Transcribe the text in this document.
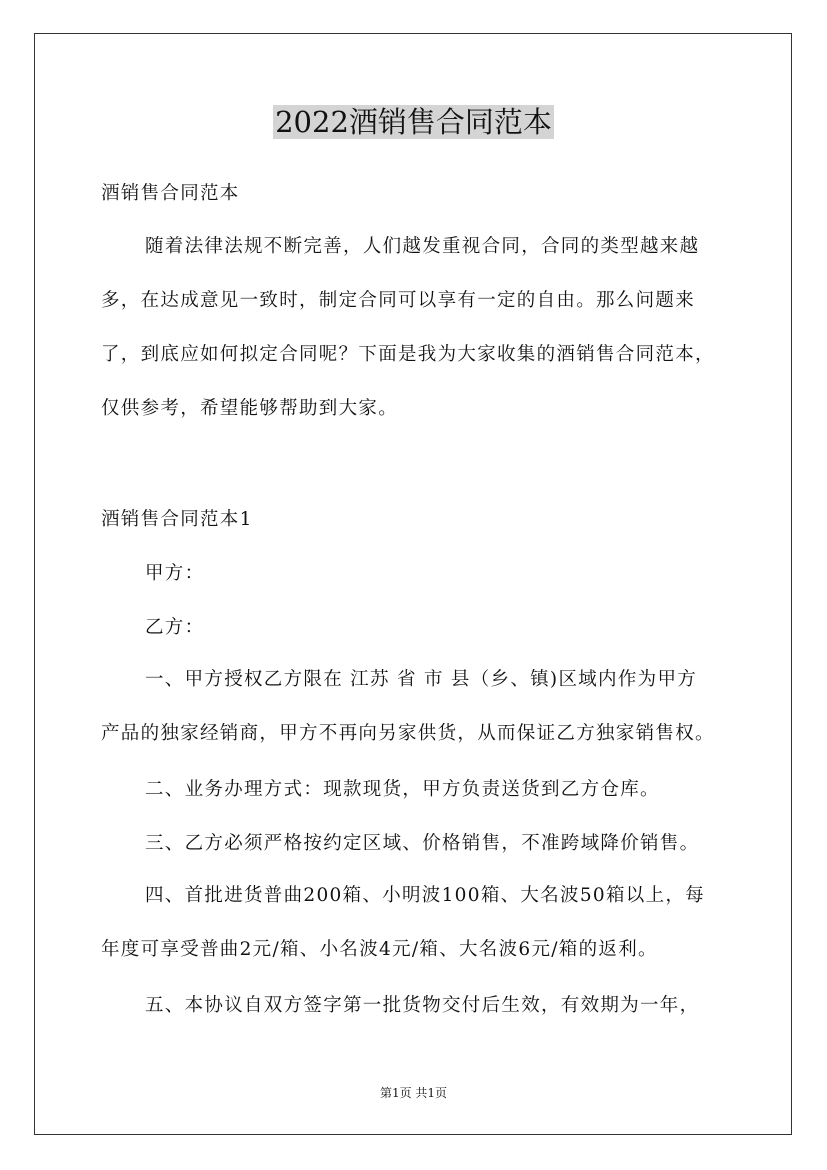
2022酒销售合同范本

酒销售合同范本

随着法律法规不断完善，人们越发重视合同，合同的类型越来越
多，在达成意见一致时，制定合同可以享有一定的自由。那么问题来
了，到底应如何拟定合同呢？下面是我为大家收集的酒销售合同范本，
仅供参考，希望能够帮助到大家。

酒销售合同范本1

甲方：

乙方：

一、甲方授权乙方限在 江苏 省 市 县（乡、镇)区域内作为甲方
产品的独家经销商，甲方不再向另家供货，从而保证乙方独家销售权。

二、业务办理方式：现款现货，甲方负责送货到乙方仓库。

三、乙方必须严格按约定区域、价格销售，不准跨域降价销售。

四、首批进货普曲200箱、小明波100箱、大名波50箱以上，每
年度可享受普曲2元/箱、小名波4元/箱、大名波6元/箱的返利。

五、本协议自双方签字第一批货物交付后生效，有效期为一年，

第1页 共1页
